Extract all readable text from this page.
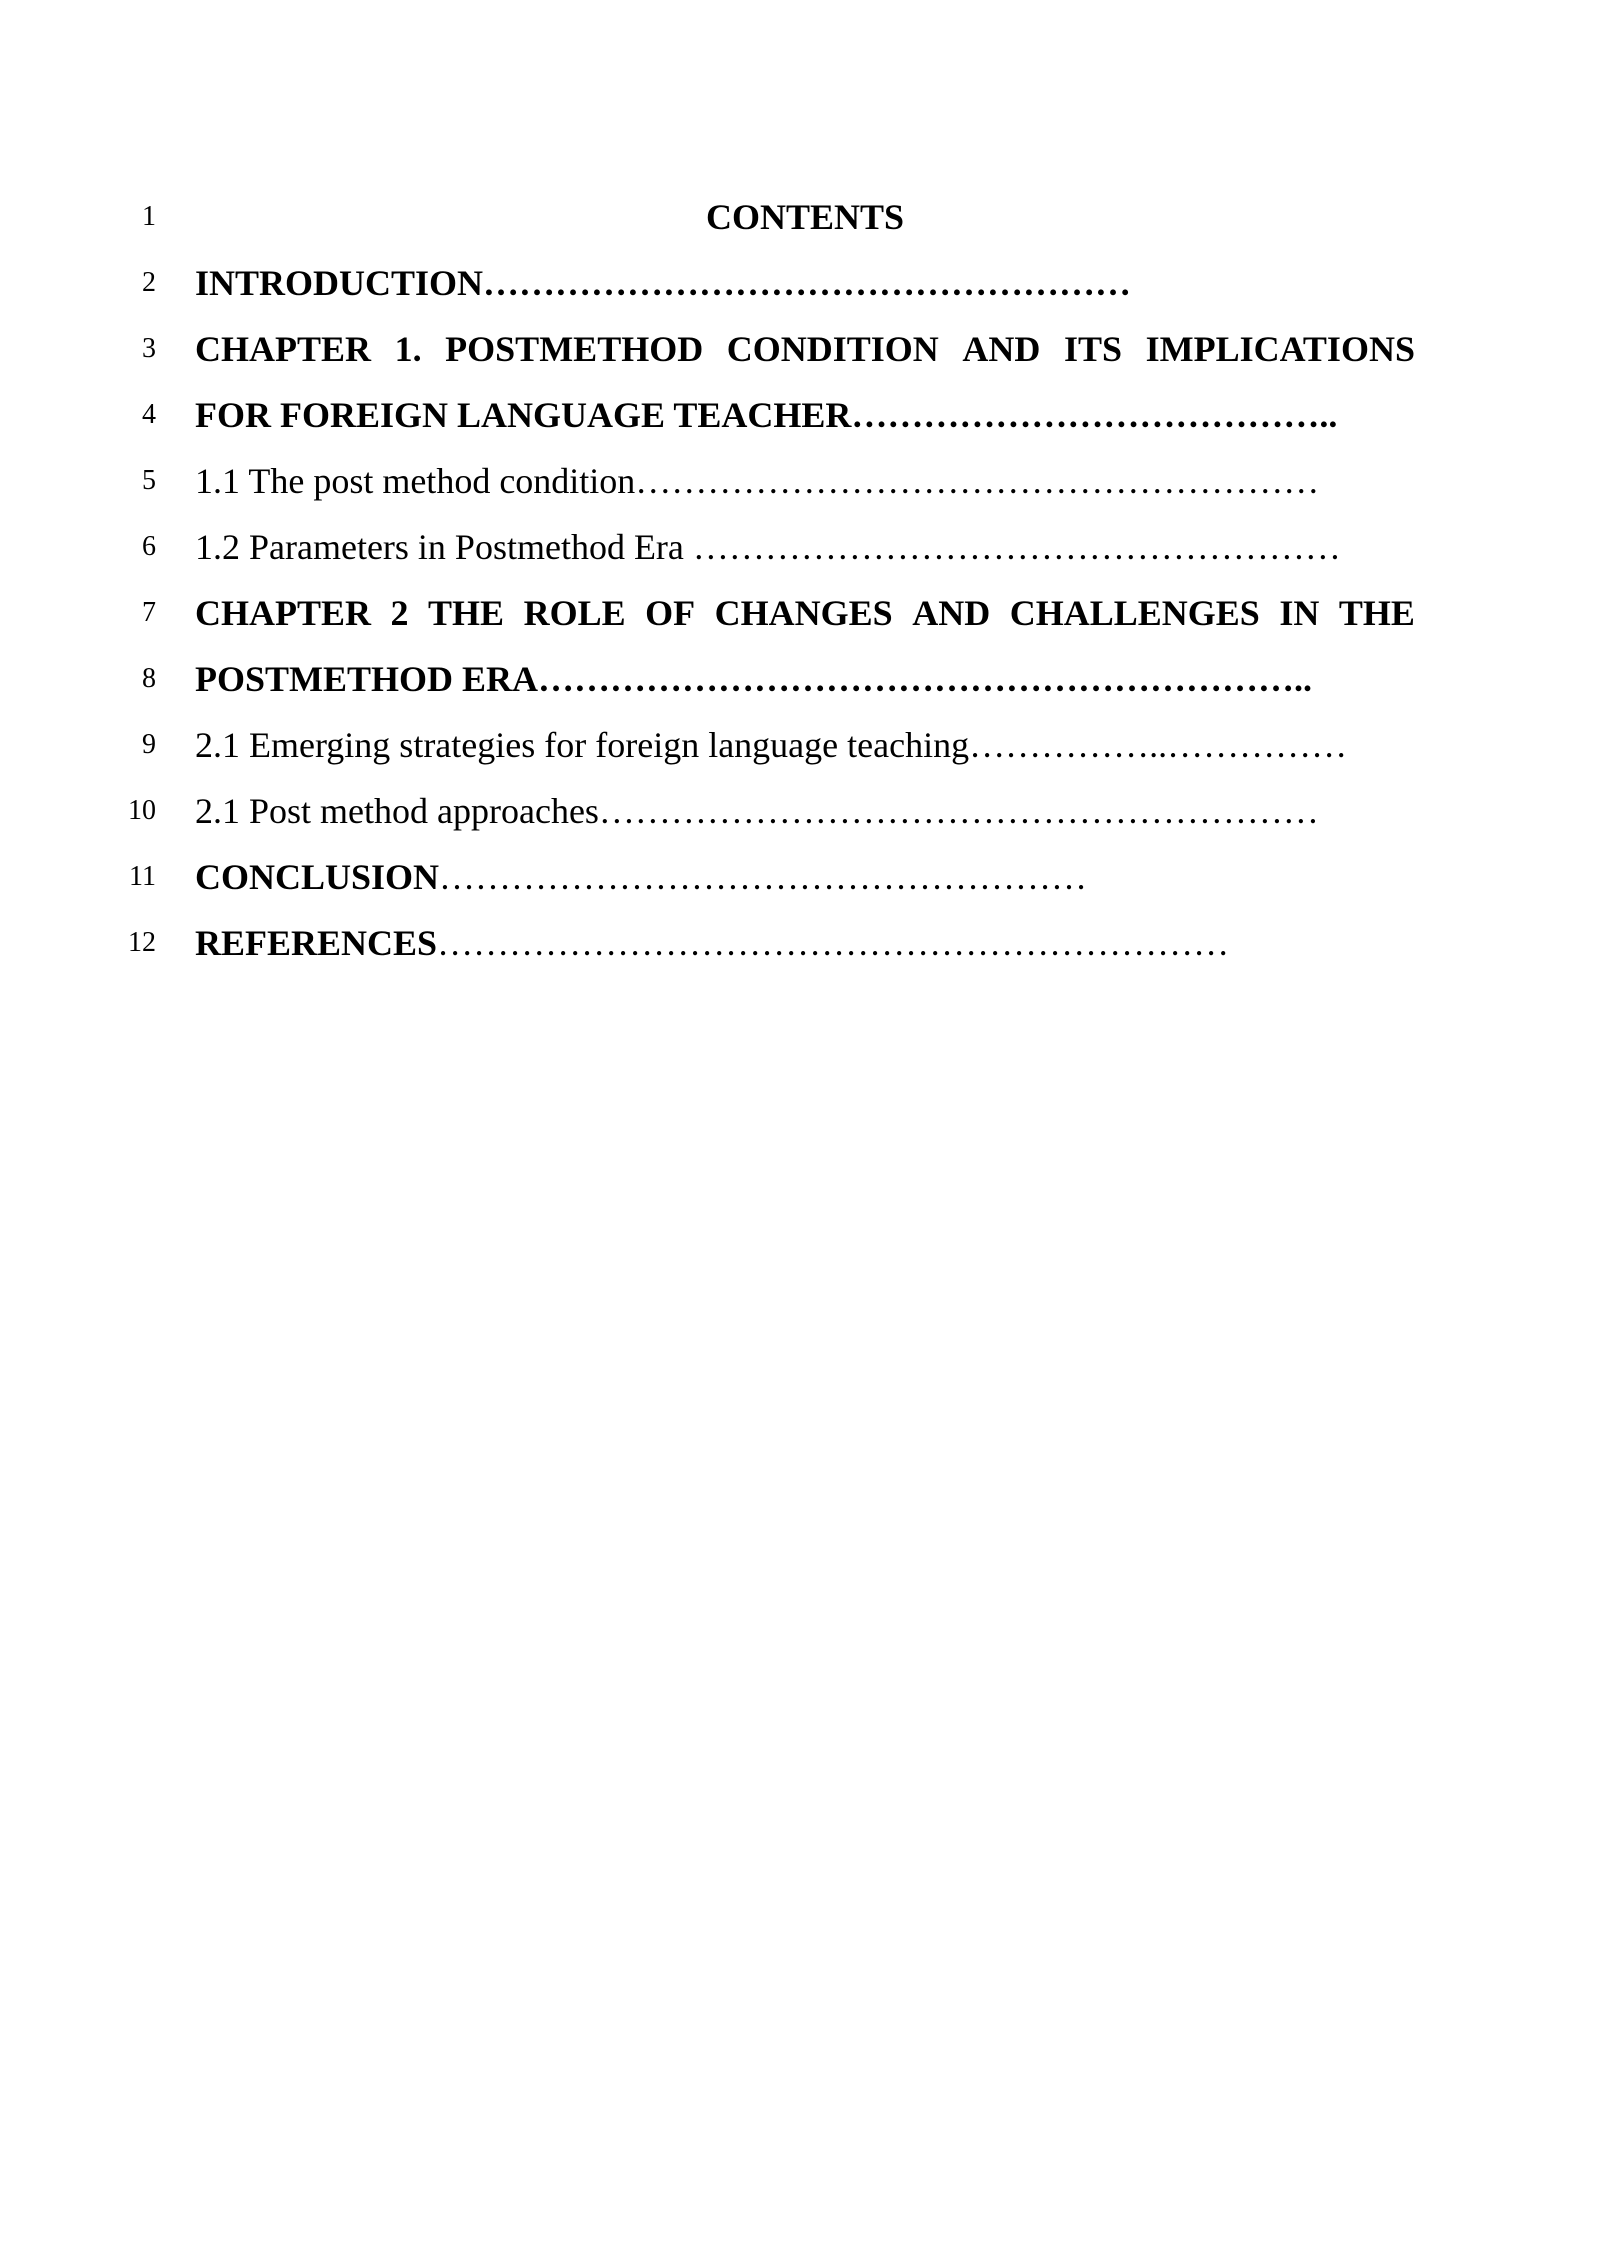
1	CONTENTS
2 INTRODUCTION………………………………………………
3 CHAPTER 1. POSTMETHOD CONDITION AND ITS IMPLICATIONS
4 FOR FOREIGN LANGUAGE TEACHER…………………………………..
5 1.1 The post method condition…………………………………………………
6 1.2 Parameters in Postmethod Era ………………………………………………
7 CHAPTER 2 THE ROLE OF CHANGES AND CHALLENGES IN THE
8 POSTMETHOD ERA………………………………………………………..
9 2.1 Emerging strategies for foreign language teaching……………..……………
10 2.1 Post method approaches……………………………………………………
11 CONCLUSION………………………………………………
12 REFERENCES…………………………………………………………
